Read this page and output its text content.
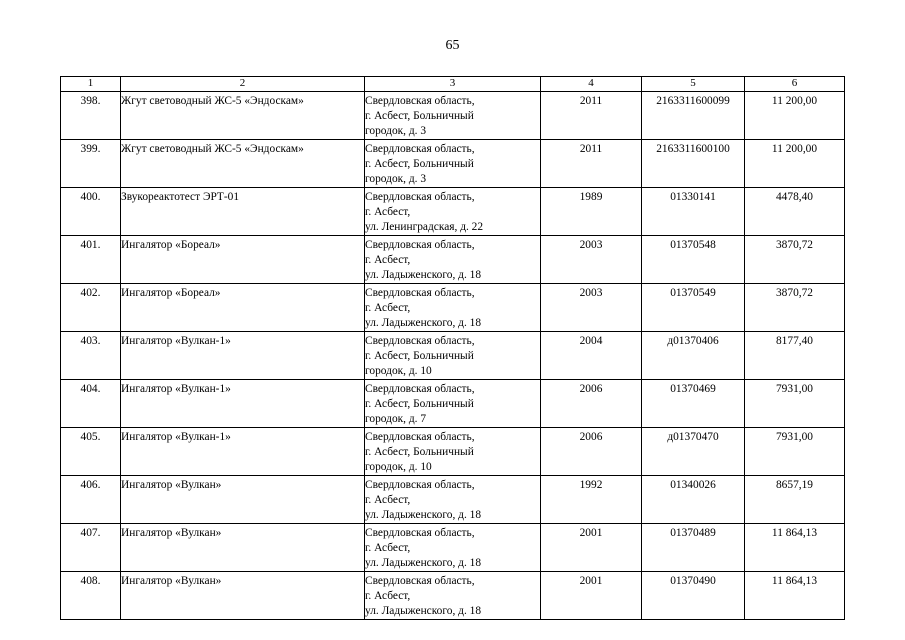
65
1	2	3	4	5	6
398.	Жгут световодный ЖС-5 «Эндоскам»	Свердловская область,
г. Асбест, Больничный
городок, д. 3	2011	2163311600099	11 200,00
399.	Жгут световодный ЖС-5 «Эндоскам»	Свердловская область,
г. Асбест, Больничный
городок, д. 3	2011	2163311600100	11 200,00
400.	Звукореактотест ЭРТ-01	Свердловская область,
г. Асбест,
ул. Ленинградская, д. 22	1989	01330141	4478,40
401.	Ингалятор «Бореал»	Свердловская область,
г. Асбест,
ул. Ладыженского, д. 18	2003	01370548	3870,72
402.	Ингалятор «Бореал»	Свердловская область,
г. Асбест,
ул. Ладыженского, д. 18	2003	01370549	3870,72
403.	Ингалятор «Вулкан-1»	Свердловская область,
г. Асбест, Больничный
городок, д. 10	2004	д01370406	8177,40
404.	Ингалятор «Вулкан-1»	Свердловская область,
г. Асбест, Больничный
городок, д. 7	2006	01370469	7931,00
405.	Ингалятор «Вулкан-1»	Свердловская область,
г. Асбест, Больничный
городок, д. 10	2006	д01370470	7931,00
406.	Ингалятор «Вулкан»	Свердловская область,
г. Асбест,
ул. Ладыженского, д. 18	1992	01340026	8657,19
407.	Ингалятор «Вулкан»	Свердловская область,
г. Асбест,
ул. Ладыженского, д. 18	2001	01370489	11 864,13
408.	Ингалятор «Вулкан»	Свердловская область,
г. Асбест,
ул. Ладыженского, д. 18	2001	01370490	11 864,13
